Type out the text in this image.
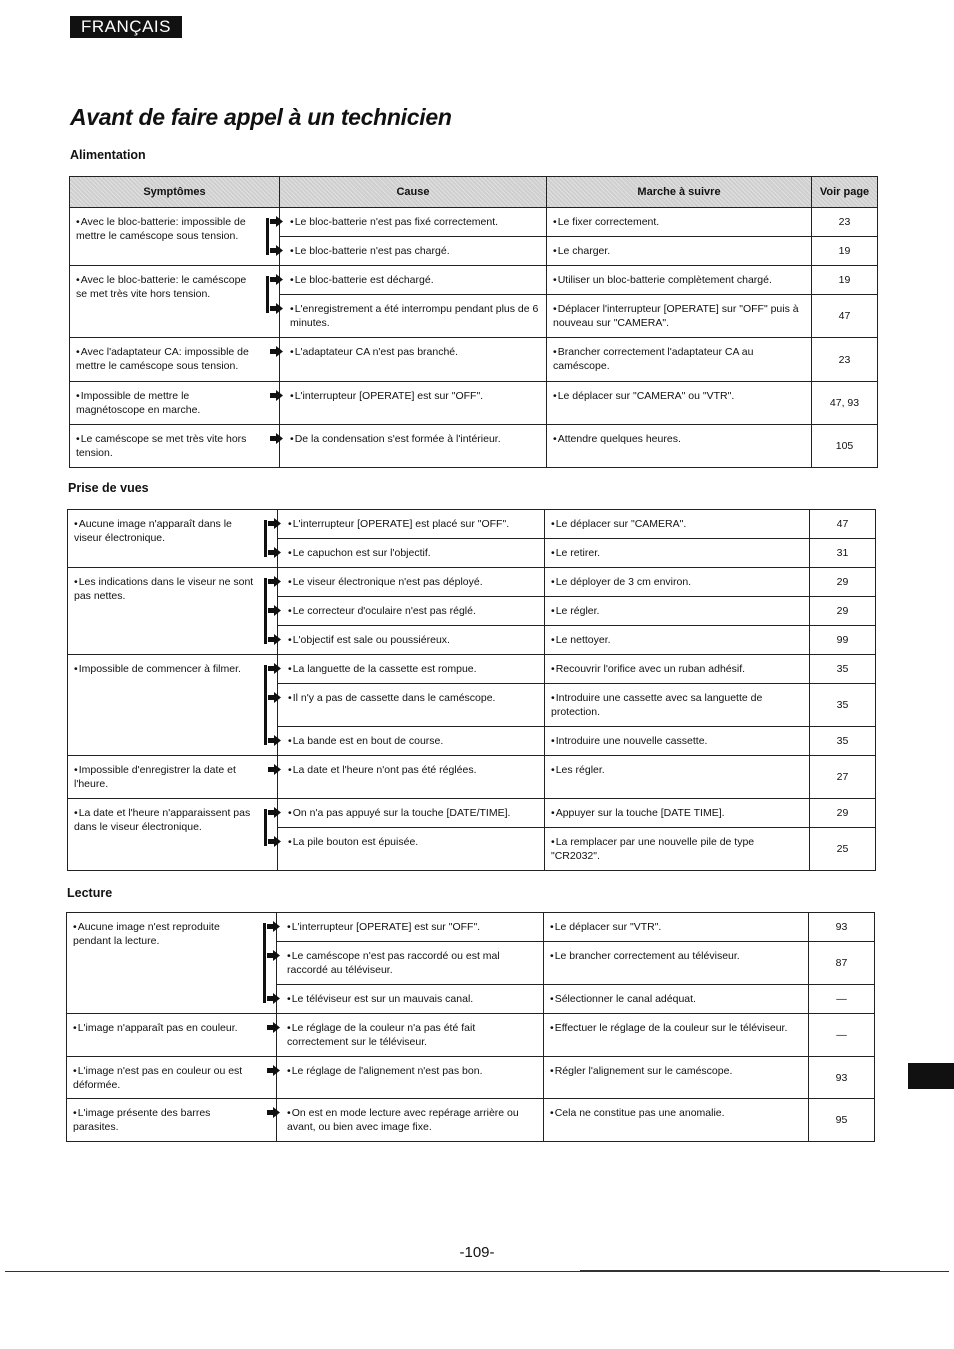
FRANÇAIS
Avant de faire appel à un technicien
Alimentation
Symptômes	Cause	Marche à suivre	Voir page
•Avec le bloc-batterie: impossible de mettre le caméscope sous tension.	•Le bloc-batterie n'est pas fixé correctement.	•Le fixer correctement.	23
	•Le bloc-batterie n'est pas chargé.	•Le charger.	19
•Avec le bloc-batterie: le caméscope se met très vite hors tension.	•Le bloc-batterie est déchargé.	•Utiliser un bloc-batterie complètement chargé.	19
	•L'enregistrement a été interrompu pendant plus de 6 minutes.	•Déplacer l'interrupteur [OPERATE] sur "OFF" puis à nouveau sur "CAMERA".	47
•Avec l'adaptateur CA: impossible de mettre le caméscope sous tension.	•L'adaptateur CA n'est pas branché.	•Brancher correctement l'adaptateur CA au caméscope.	23
•Impossible de mettre le magnétoscope en marche.	•L'interrupteur [OPERATE] est sur "OFF".	•Le déplacer sur "CAMERA" ou "VTR".	47, 93
•Le caméscope se met très vite hors tension.	•De la condensation s'est formée à l'intérieur.	•Attendre quelques heures.	105
Prise de vues
•Aucune image n'apparaît dans le viseur électronique.	•L'interrupteur [OPERATE] est placé sur "OFF".	•Le déplacer sur "CAMERA".	47
	•Le capuchon est sur l'objectif.	•Le retirer.	31
•Les indications dans le viseur ne sont pas nettes.	•Le viseur électronique n'est pas déployé.	•Le déployer de 3 cm environ.	29
	•Le correcteur d'oculaire n'est pas réglé.	•Le régler.	29
	•L'objectif est sale ou poussiéreux.	•Le nettoyer.	99
•Impossible de commencer à filmer.	•La languette de la cassette est rompue.	•Recouvrir l'orifice avec un ruban adhésif.	35
	•Il n'y a pas de cassette dans le caméscope.	•Introduire une cassette avec sa languette de protection.	35
	•La bande est en bout de course.	•Introduire une nouvelle cassette.	35
•Impossible d'enregistrer la date et l'heure.	•La date et l'heure n'ont pas été réglées.	•Les régler.	27
•La date et l'heure n'apparaissent pas dans le viseur électronique.	•On n'a pas appuyé sur la touche [DATE/TIME].	•Appuyer sur la touche [DATE TIME].	29
	•La pile bouton est épuisée.	•La remplacer par une nouvelle pile de type "CR2032".	25
Lecture
•Aucune image n'est reproduite pendant la lecture.	•L'interrupteur [OPERATE] est sur "OFF".	•Le déplacer sur "VTR".	93
	•Le caméscope n'est pas raccordé ou est mal raccordé au téléviseur.	•Le brancher correctement au téléviseur.	87
	•Le téléviseur est sur un mauvais canal.	•Sélectionner le canal adéquat.	—
•L'image n'apparaît pas en couleur.	•Le réglage de la couleur n'a pas été fait correctement sur le téléviseur.	•Effectuer le réglage de la couleur sur le téléviseur.	—
•L'image n'est pas en couleur ou est déformée.	•Le réglage de l'alignement n'est pas bon.	•Régler l'alignement sur le caméscope.	93
•L'image présente des barres parasites.	•On est en mode lecture avec repérage arrière ou avant, ou bien avec image fixe.	•Cela ne constitue pas une anomalie.	95
-109-
